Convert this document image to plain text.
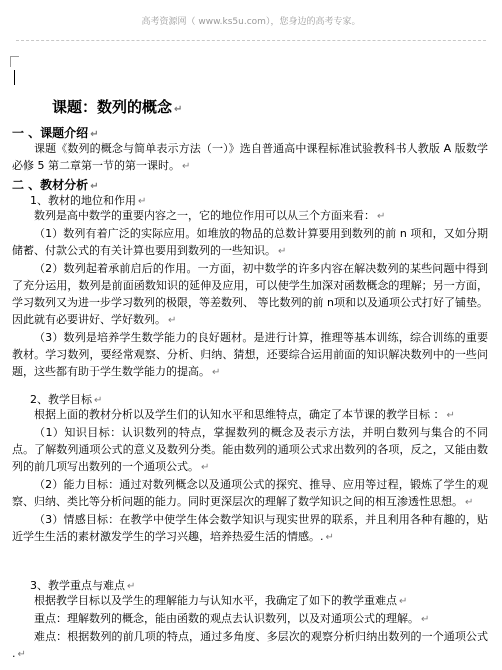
高考资源网（ www.ks5u.com），您身边的高考专家。
课题：数列的概念 ↵
一 、课题介绍 ↵

课题《数列的概念与简单表示方法（一）》选自普通高中课程标准试验教科书人教版 A 版数学必修 5 第二章第一节的第一课时。 ↵

二 、教材分析 ↵
1、教材的地位和作用 ↵

数列是高中数学的重要内容之一，它的地位作用可以从三个方面来看： ↵

（1）数列有着广泛的实际应用。如堆放的物品的总数计算要用到数列的前 n 项和，又如分期储蓄、付款公式的有关计算也要用到数列的一些知识。 ↵

（2）数列起着承前启后的作用。一方面，初中数学的许多内容在解决数列的某些问题中得到了充分运用，数列是前面函数知识的延伸及应用，可以使学生加深对函数概念的理解；另一方面，学习数列又为进一步学习数列的极限，等差数列、 等比数列的前 n项和以及通项公式打好了铺垫。因此就有必要讲好、学好数列。 ↵

（3）数列是培养学生数学能力的良好题材。是进行计算，推理等基本训练，综合训练的重要教材。学习数列，要经常观察、分析、归纳、猜想，还要综合运用前面的知识解决数列中的一些问题，这些都有助于学生数学能力的提高。 ↵

2、教学目标 ↵

根据上面的教材分析以及学生们的认知水平和思维特点，确定了本节课的教学目标 ： ↵

（1）知识目标：认识数列的特点，掌握数列的概念及表示方法，并明白数列与集合的不同点。了解数列通项公式的意义及数列分类。能由数列的通项公式求出数列的各项，反之，又能由数列的前几项写出数列的一个通项公式。 ↵

（2）能力目标：通过对数列概念以及通项公式的探究、推导、应用等过程，锻炼了学生的观察、归纳、类比等分析问题的能力。同时更深层次的理解了数学知识之间的相互渗透性思想。 ↵

（3）情感目标：在教学中使学生体会数学知识与现实世界的联系，并且利用各种有趣的，贴近学生生活的素材激发学生的学习兴趣，培养热爱生活的情感。. ↵

3、教学重点与难点 ↵

根据教学目标以及学生的理解能力与认知水平，我确定了如下的教学重难点 ↵

重点：理解数列的概念，能由函数的观点去认识数列，以及对通项公式的理解。 ↵

难点：根据数列的前几项的特点，通过多角度、多层次的观察分析归纳出数列的一个通项公式 . ↵
